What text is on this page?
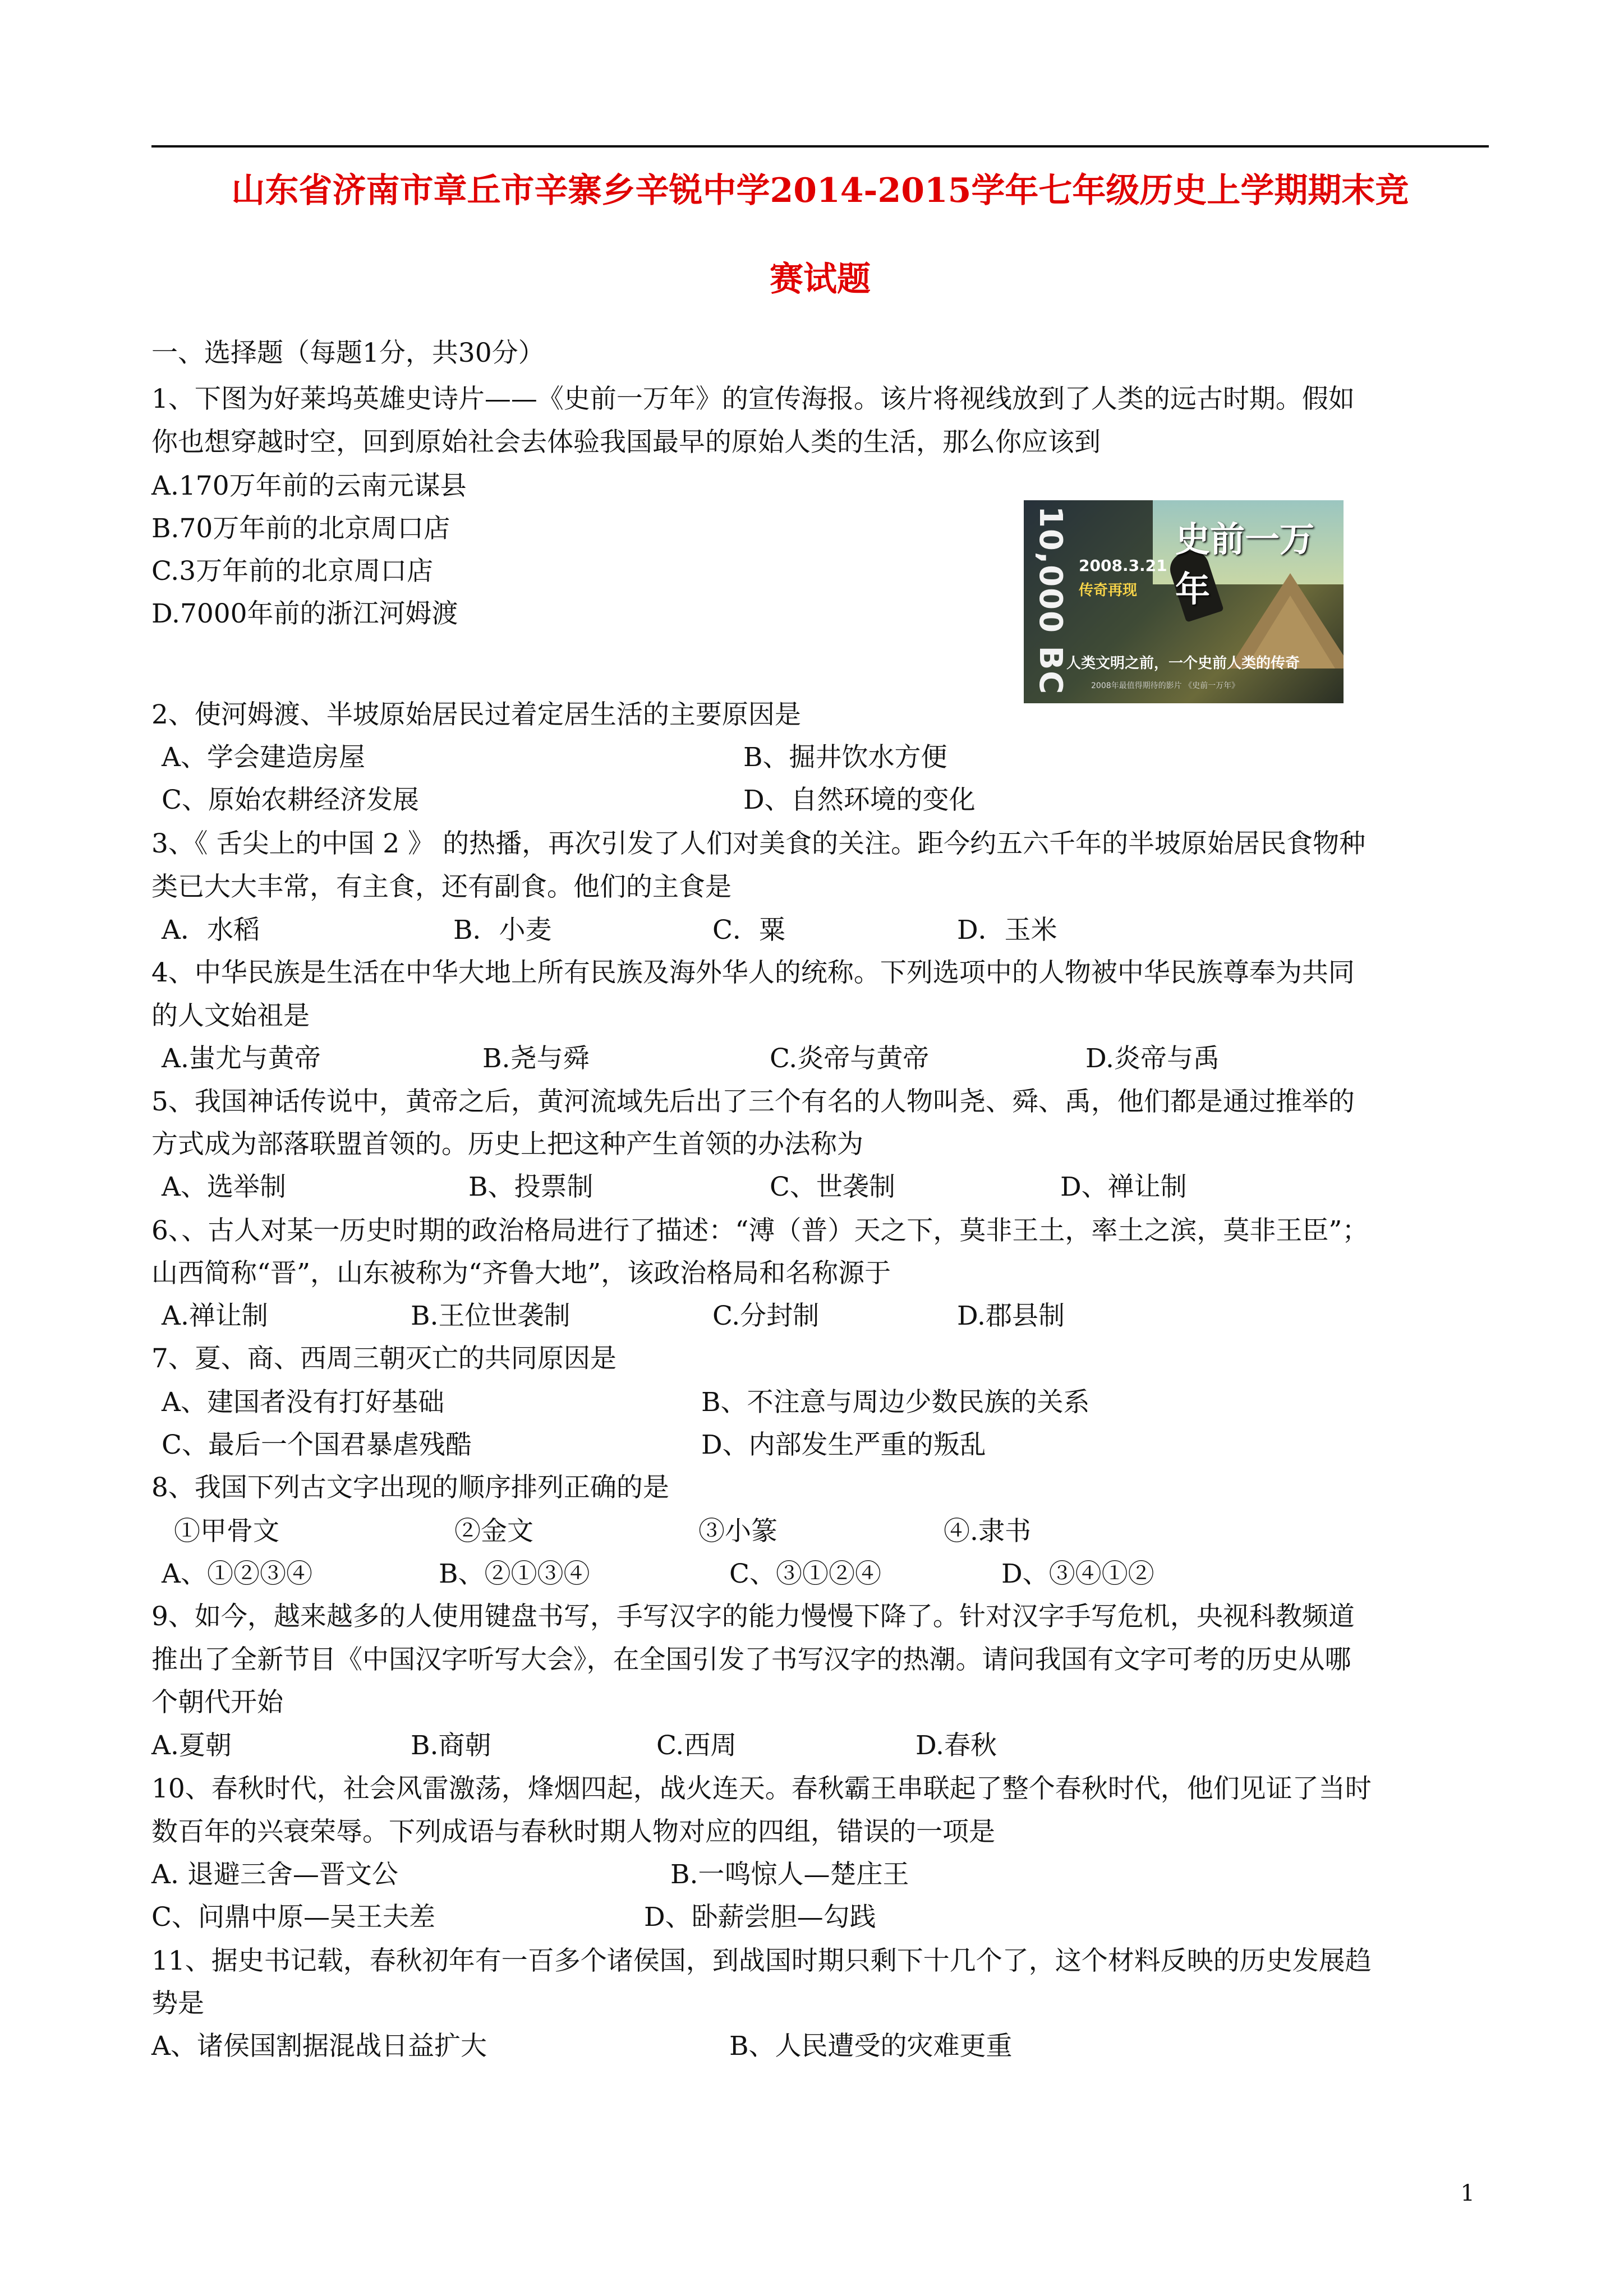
山东省济南市章丘市辛寨乡辛锐中学2014-2015学年七年级历史上学期期末竞
赛试题
一、选择题（每题1分，共30分）
1、下图为好莱坞英雄史诗片——《史前一万年》的宣传海报。该片将视线放到了人类的远古时期。假如
你也想穿越时空，回到原始社会去体验我国最早的原始人类的生活，那么你应该到
A.170万年前的云南元谋县
B.70万年前的北京周口店
C.3万年前的北京周口店
D.7000年前的浙江河姆渡	10,000 BC	史前一万年
2008.3.21
传奇再现
人类文明之前，一个史前人类的传奇
2008年最值得期待的影片 《史前一万年》
2、使河姆渡、半坡原始居民过着定居生活的主要原因是
A、学会建造房屋	B、掘井饮水方便
C、原始农耕经济发展	D、自然环境的变化
3、《 舌尖上的中国 2 》 的热播，再次引发了人们对美食的关注。距今约五六千年的半坡原始居民食物种
类已大大丰常，有主食，还有副食。他们的主食是
A．水稻	B．小麦	C．粟	D．玉米
4、中华民族是生活在中华大地上所有民族及海外华人的统称。下列选项中的人物被中华民族尊奉为共同
的人文始祖是
A.蚩尤与黄帝	B.尧与舜	C.炎帝与黄帝	D.炎帝与禹
5、我国神话传说中，黄帝之后，黄河流域先后出了三个有名的人物叫尧、舜、禹，他们都是通过推举的
方式成为部落联盟首领的。历史上把这种产生首领的办法称为
A、选举制	B、投票制	C、世袭制	D、禅让制
6、、古人对某一历史时期的政治格局进行了描述：“溥（普）天之下，莫非王土，率土之滨，莫非王臣”；
山西简称“晋”，山东被称为“齐鲁大地”，该政治格局和名称源于
A.禅让制	B.王位世袭制	C.分封制	D.郡县制
7、夏、商、西周三朝灭亡的共同原因是
A、建国者没有打好基础	B、不注意与周边少数民族的关系
C、最后一个国君暴虐残酷	D、内部发生严重的叛乱
8、我国下列古文字出现的顺序排列正确的是
①甲骨文	②金文	③小篆	④.隶书
A、①②③④	B、②①③④	C、③①②④	D、③④①②
9、如今，越来越多的人使用键盘书写，手写汉字的能力慢慢下降了。针对汉字手写危机，央视科教频道
推出了全新节目《中国汉字听写大会》，在全国引发了书写汉字的热潮。请问我国有文字可考的历史从哪
个朝代开始
A.夏朝	B.商朝	C.西周	D.春秋
10、春秋时代，社会风雷激荡，烽烟四起，战火连天。春秋霸王串联起了整个春秋时代，他们见证了当时
数百年的兴衰荣辱。下列成语与春秋时期人物对应的四组，错误的一项是
A. 退避三舍—晋文公	B.一鸣惊人—楚庄王
C、问鼎中原—吴王夫差	D、卧薪尝胆—勾践
11、据史书记载，春秋初年有一百多个诸侯国，到战国时期只剩下十几个了，这个材料反映的历史发展趋
势是
A、诸侯国割据混战日益扩大	B、人民遭受的灾难更重
1
